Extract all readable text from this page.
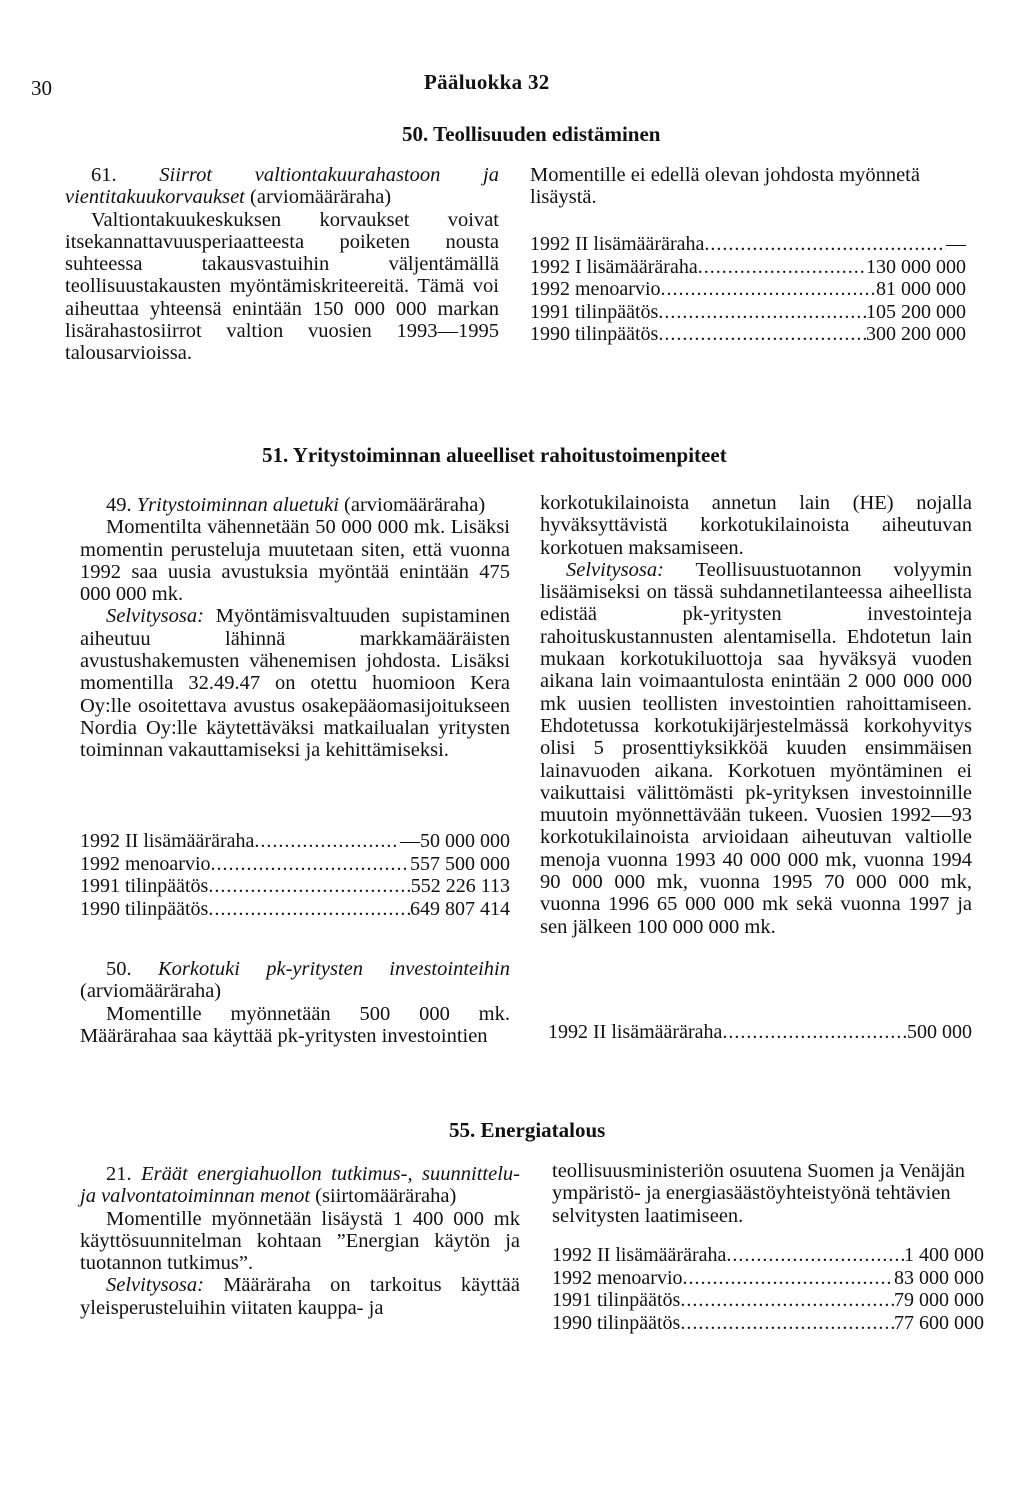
30	Pääluokka 32
50. Teollisuuden edistäminen

61. Siirrot valtiontakuurahastoon ja vientitakuukorvaukset (arviomääräraha)

Valtiontakuukeskuksen korvaukset voivat itsekannattavuusperiaatteesta poiketen nousta suhteessa takausvastuihin väljentämällä teollisuustakausten myöntämiskriteereitä. Tämä voi aiheuttaa yhteensä enintään 150 000 000 markan lisärahastosiirrot valtion vuosien 1993—1995 talousarvioissa.

Momentille ei edellä olevan johdosta myönnetä lisäystä.
1992 II lisämääräraha .....	—
1992 I lisämääräraha .....	130 000 000
1992 menoarvio .....	81 000 000
1991 tilinpäätös .....	105 200 000
1990 tilinpäätös .....	300 200 000
51. Yritystoiminnan alueelliset rahoitustoimenpiteet

49. Yritystoiminnan aluetuki (arviomääräraha)

Momentilta vähennetään 50 000 000 mk. Lisäksi momentin perusteluja muutetaan siten, että vuonna 1992 saa uusia avustuksia myöntää enintään 475 000 000 mk.

Selvitysosa: Myöntämisvaltuuden supistaminen aiheutuu lähinnä markkamääräisten avustushakemusten vähenemisen johdosta. Lisäksi momentilla 32.49.47 on otettu huomioon Kera Oy:lle osoitettava avustus osakepääomasijoitukseen Nordia Oy:lle käytettäväksi matkailualan yritysten toiminnan vakauttamiseksi ja kehittämiseksi.

1992 II lisämääräraha .....	—50 000 000
1992 menoarvio .....	557 500 000
1991 tilinpäätös .....	552 226 113
1990 tilinpäätös .....	649 807 414

50. Korkotuki pk-yritysten investointeihin (arviomääräraha)

Momentille myönnetään 500 000 mk. Määrärahaa saa käyttää pk-yritysten investointien

korkotukilainoista annetun lain (HE) nojalla hyväksyttävistä korkotukilainoista aiheutuvan korkotuen maksamiseen.

Selvitysosa: Teollisuustuotannon volyymin lisäämiseksi on tässä suhdannetilanteessa aiheellista edistää pk-yritysten investointeja rahoituskustannusten alentamisella. Ehdotetun lain mukaan korkotukiluottoja saa hyväksyä vuoden aikana lain voimaantulosta enintään 2 000 000 000 mk uusien teollisten investointien rahoittamiseen. Ehdotetussa korkotukijärjestelmässä korkohyvitys olisi 5 prosenttiyksikköä kuuden ensimmäisen lainavuoden aikana. Korkotuen myöntäminen ei vaikuttaisi välittömästi pk-yrityksen investoinnille muutoin myönnettävään tukeen. Vuosien 1992—93 korkotukilainoista arvioidaan aiheutuvan valtiolle menoja vuonna 1993 40 000 000 mk, vuonna 1994 90 000 000 mk, vuonna 1995 70 000 000 mk, vuonna 1996 65 000 000 mk sekä vuonna 1997 ja sen jälkeen 100 000 000 mk.

1992 II lisämääräraha .....	500 000
55. Energiatalous

21. Eräät energiahuollon tutkimus-, suunnittelu- ja valvontatoiminnan menot (siirtomääräraha)

Momentille myönnetään lisäystä 1 400 000 mk käyttösuunnitelman kohtaan ”Energian käytön ja tuotannon tutkimus”.

Selvitysosa: Määräraha on tarkoitus käyttää yleisperusteluihin viitaten kauppa- ja

teollisuusministeriön osuutena Suomen ja Venäjän ympäristö- ja energiasäästöyhteistyönä tehtävien selvitysten laatimiseen.
1992 II lisämääräraha .....	1 400 000
1992 menoarvio .....	83 000 000
1991 tilinpäätös .....	79 000 000
1990 tilinpäätös .....	77 600 000
